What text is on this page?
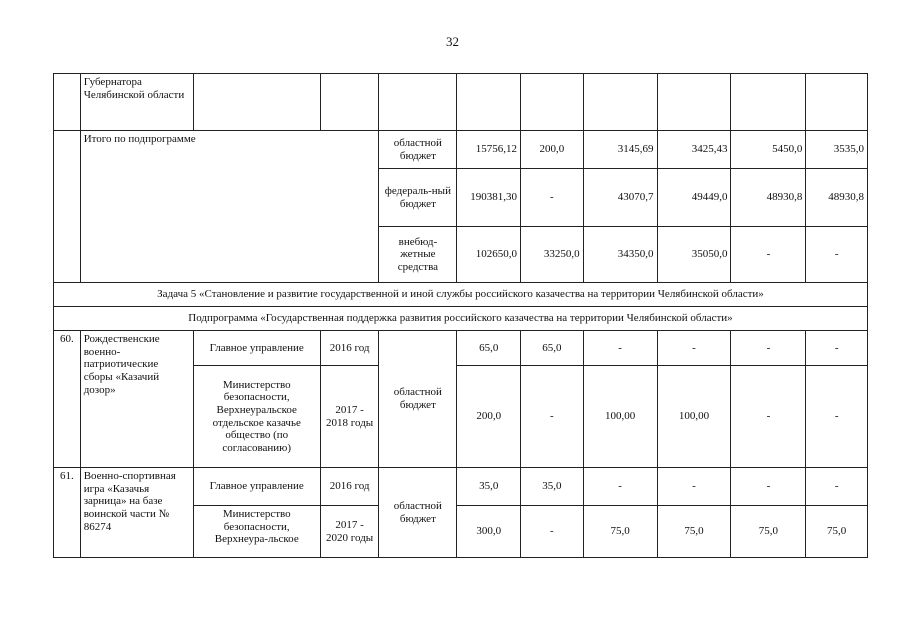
32
	Губернатора Челябинской области									
	Итого по подпрограмме			областной бюджет	15756,12	200,0	3145,69	3425,43	5450,0	3535,0
				федераль-ный бюджет	190381,30	-	43070,7	49449,0	48930,8	48930,8
				внебюд-жетные средства	102650,0	33250,0	34350,0	35050,0	-	-
Задача 5 «Становление и развитие государственной и иной службы российского казачества на территории Челябинской области»										
Подпрограмма «Государственная поддержка развития российского казачества на территории Челябинской области»										
60.	Рождественские военно-патриотические сборы «Казачий дозор»	Главное управление	2016 год	областной бюджет	65,0	65,0	-	-	-	-
		Министерство безопасности, Верхнеуральское отдельское казачье общество (по согласованию)	2017 - 2018 годы		200,0	-	100,00	100,00	-	-
61.	Военно-спортивная игра «Казачья зарница» на базе воинской части № 86274	Главное управление	2016 год	областной бюджет	35,0	35,0	-	-	-	-
		Министерство безопасности, Верхнеура-льское	2017 - 2020 годы		300,0	-	75,0	75,0	75,0	75,0
